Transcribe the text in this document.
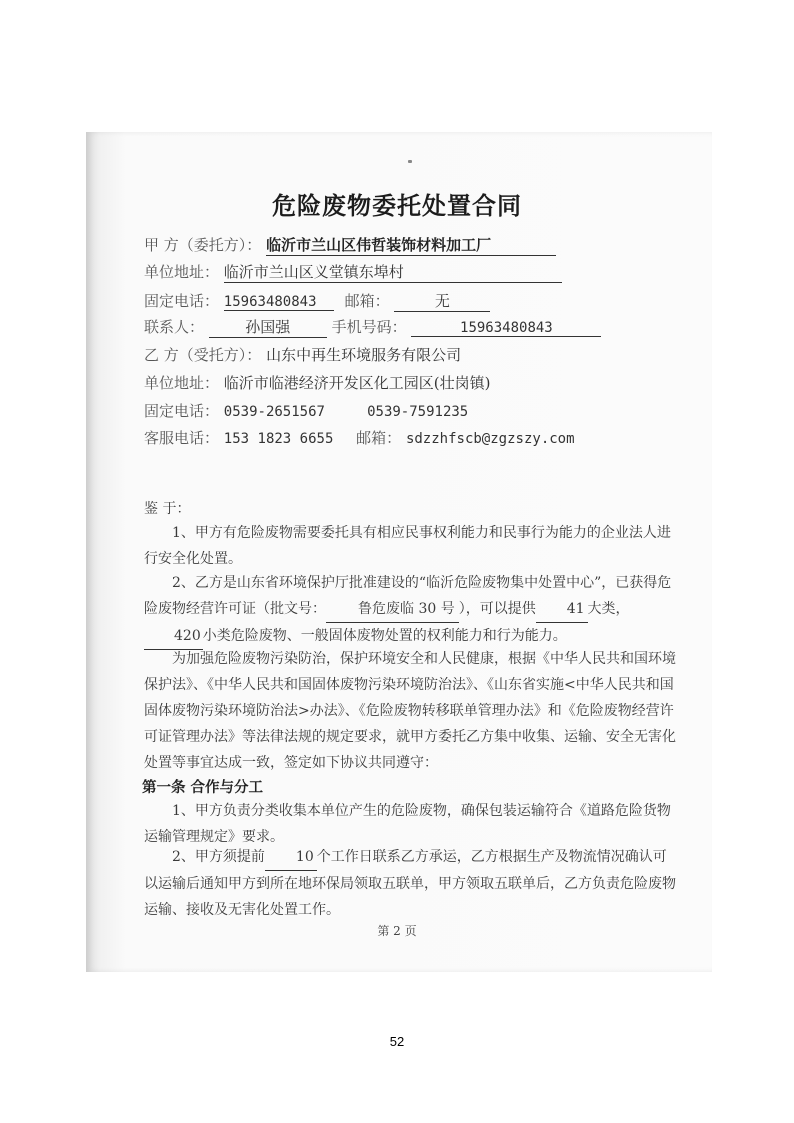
危险废物委托处置合同
甲 方（委托方）： 临沂市兰山区伟哲装饰材料加工厂
单位地址： 临沂市兰山区义堂镇东埠村
固定电话： 15963480843 邮箱：	无
联系人：	孙国强	手机号码：	15963480843
乙 方（受托方）： 山东中再生环境服务有限公司
单位地址： 临沂市临港经济开发区化工园区(壮岗镇)
固定电话： 0539-2651567     0539-7591235
客服电话： 153 1823 6655 邮箱： sdzzhfscb@zgzszy.com
鉴 于：
1、甲方有危险废物需要委托具有相应民事权利能力和民事行为能力的企业法人进行安全化处置。
2、乙方是山东省环境保护厅批准建设的“临沂危险废物集中处置中心”，已获得危险废物经营许可证（批文号： 鲁危废临 30 号 ），可以提供 41 大类，420 小类危险废物、一般固体废物处置的权利能力和行为能力。
为加强危险废物污染防治，保护环境安全和人民健康，根据《中华人民共和国环境保护法》、《中华人民共和国固体废物污染环境防治法》、《山东省实施<中华人民共和国固体废物污染环境防治法>办法》、《危险废物转移联单管理办法》和《危险废物经营许可证管理办法》等法律法规的规定要求，就甲方委托乙方集中收集、运输、安全无害化处置等事宜达成一致，签定如下协议共同遵守：
第一条 合作与分工
1、甲方负责分类收集本单位产生的危险废物，确保包装运输符合《道路危险货物运输管理规定》要求。
2、甲方须提前 10 个工作日联系乙方承运，乙方根据生产及物流情况确认可以运输后通知甲方到所在地环保局领取五联单，甲方领取五联单后，乙方负责危险废物运输、接收及无害化处置工作。
第 2 页
52
